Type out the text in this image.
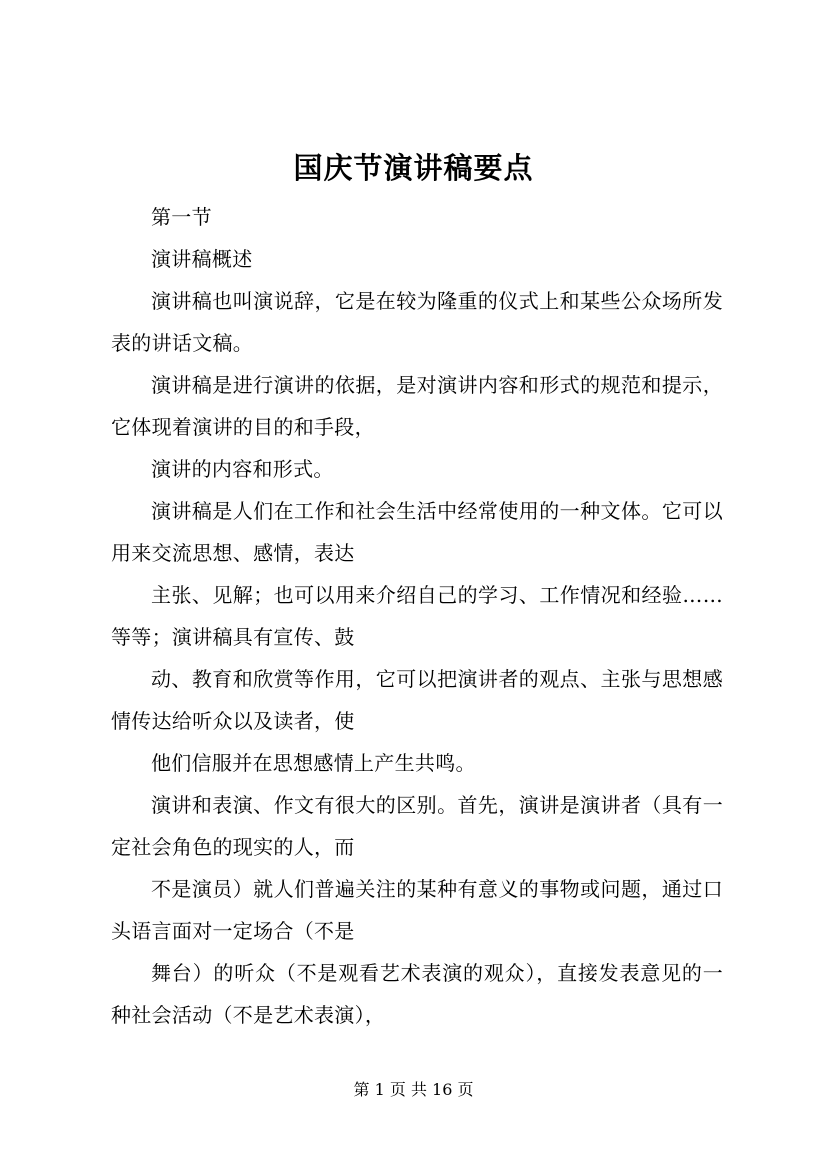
国庆节演讲稿要点

第一节

演讲稿概述

演讲稿也叫演说辞，它是在较为隆重的仪式上和某些公众场所发表的讲话文稿。

演讲稿是进行演讲的依据，是对演讲内容和形式的规范和提示，它体现着演讲的目的和手段，

演讲的内容和形式。

演讲稿是人们在工作和社会生活中经常使用的一种文体。它可以用来交流思想、感情，表达

主张、见解；也可以用来介绍自己的学习、工作情况和经验……等等；演讲稿具有宣传、鼓

动、教育和欣赏等作用，它可以把演讲者的观点、主张与思想感情传达给听众以及读者，使

他们信服并在思想感情上产生共鸣。

演讲和表演、作文有很大的区别。首先，演讲是演讲者（具有一定社会角色的现实的人，而

不是演员）就人们普遍关注的某种有意义的事物或问题，通过口头语言面对一定场合（不是

舞台）的听众（不是观看艺术表演的观众），直接发表意见的一种社会活动（不是艺术表演），

第 1 页 共 16 页
